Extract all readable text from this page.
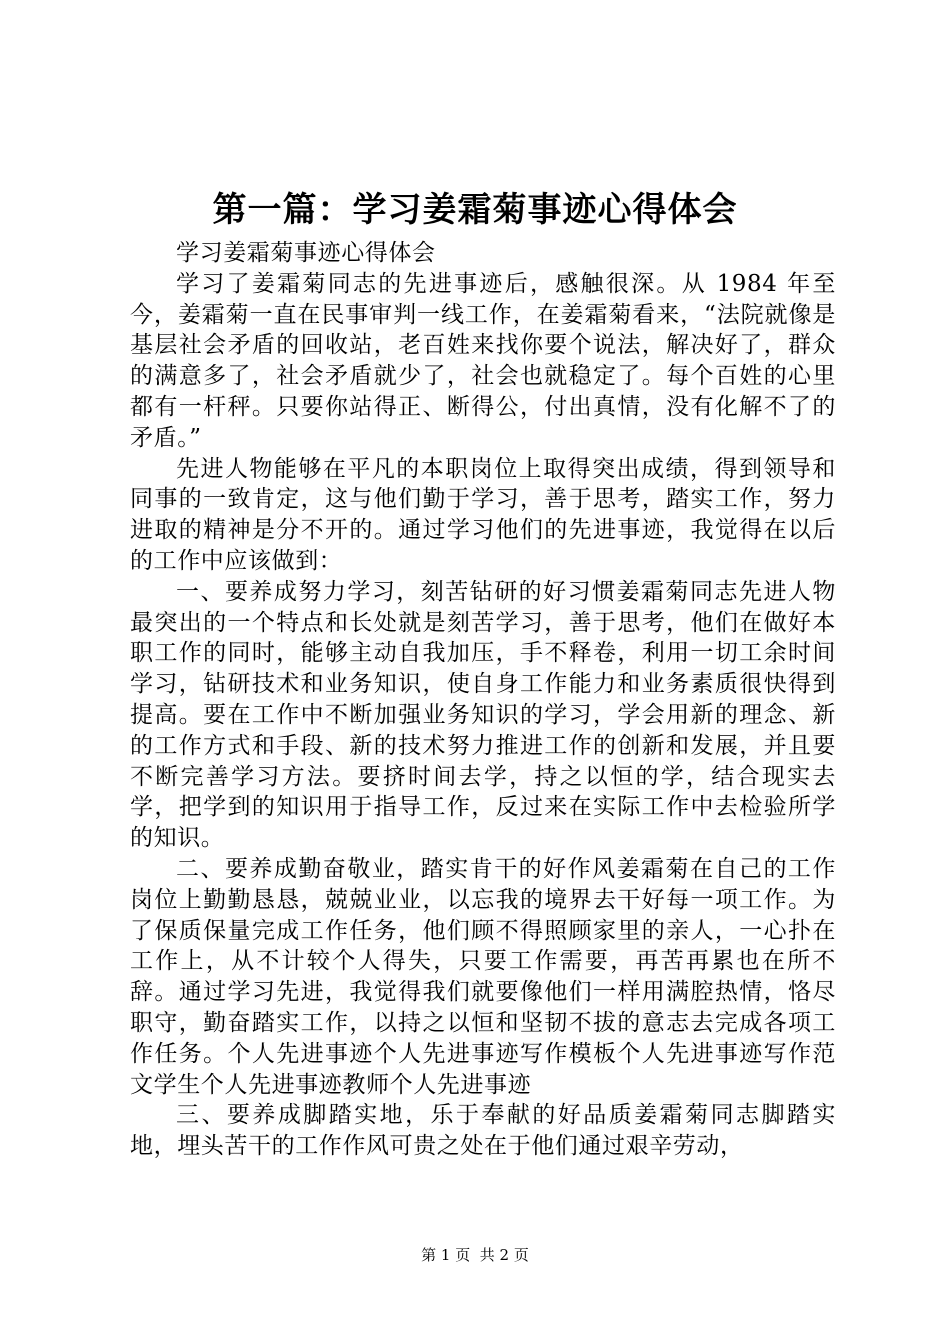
第一篇：学习姜霜菊事迹心得体会

学习姜霜菊事迹心得体会

学习了姜霜菊同志的先进事迹后，感触很深。从 1984 年至今，姜霜菊一直在民事审判一线工作，在姜霜菊看来，“法院就像是基层社会矛盾的回收站，老百姓来找你要个说法，解决好了，群众的满意多了，社会矛盾就少了，社会也就稳定了。每个百姓的心里都有一杆秤。只要你站得正、断得公，付出真情，没有化解不了的矛盾。”

先进人物能够在平凡的本职岗位上取得突出成绩，得到领导和同事的一致肯定，这与他们勤于学习，善于思考，踏实工作，努力进取的精神是分不开的。通过学习他们的先进事迹，我觉得在以后的工作中应该做到：

一、要养成努力学习，刻苦钻研的好习惯姜霜菊同志先进人物最突出的一个特点和长处就是刻苦学习，善于思考，他们在做好本职工作的同时，能够主动自我加压，手不释卷，利用一切工余时间学习，钻研技术和业务知识，使自身工作能力和业务素质很快得到提高。要在工作中不断加强业务知识的学习，学会用新的理念、新的工作方式和手段、新的技术努力推进工作的创新和发展，并且要不断完善学习方法。要挤时间去学，持之以恒的学，结合现实去学，把学到的知识用于指导工作，反过来在实际工作中去检验所学的知识。

二、要养成勤奋敬业，踏实肯干的好作风姜霜菊在自己的工作岗位上勤勤恳恳，兢兢业业，以忘我的境界去干好每一项工作。为了保质保量完成工作任务，他们顾不得照顾家里的亲人，一心扑在工作上，从不计较个人得失，只要工作需要，再苦再累也在所不辞。通过学习先进，我觉得我们就要像他们一样用满腔热情，恪尽职守，勤奋踏实工作，以持之以恒和坚韧不拔的意志去完成各项工作任务。个人先进事迹个人先进事迹写作模板个人先进事迹写作范文学生个人先进事迹教师个人先进事迹

三、要养成脚踏实地，乐于奉献的好品质姜霜菊同志脚踏实地，埋头苦干的工作作风可贵之处在于他们通过艰辛劳动，

第 1 页  共 2 页
